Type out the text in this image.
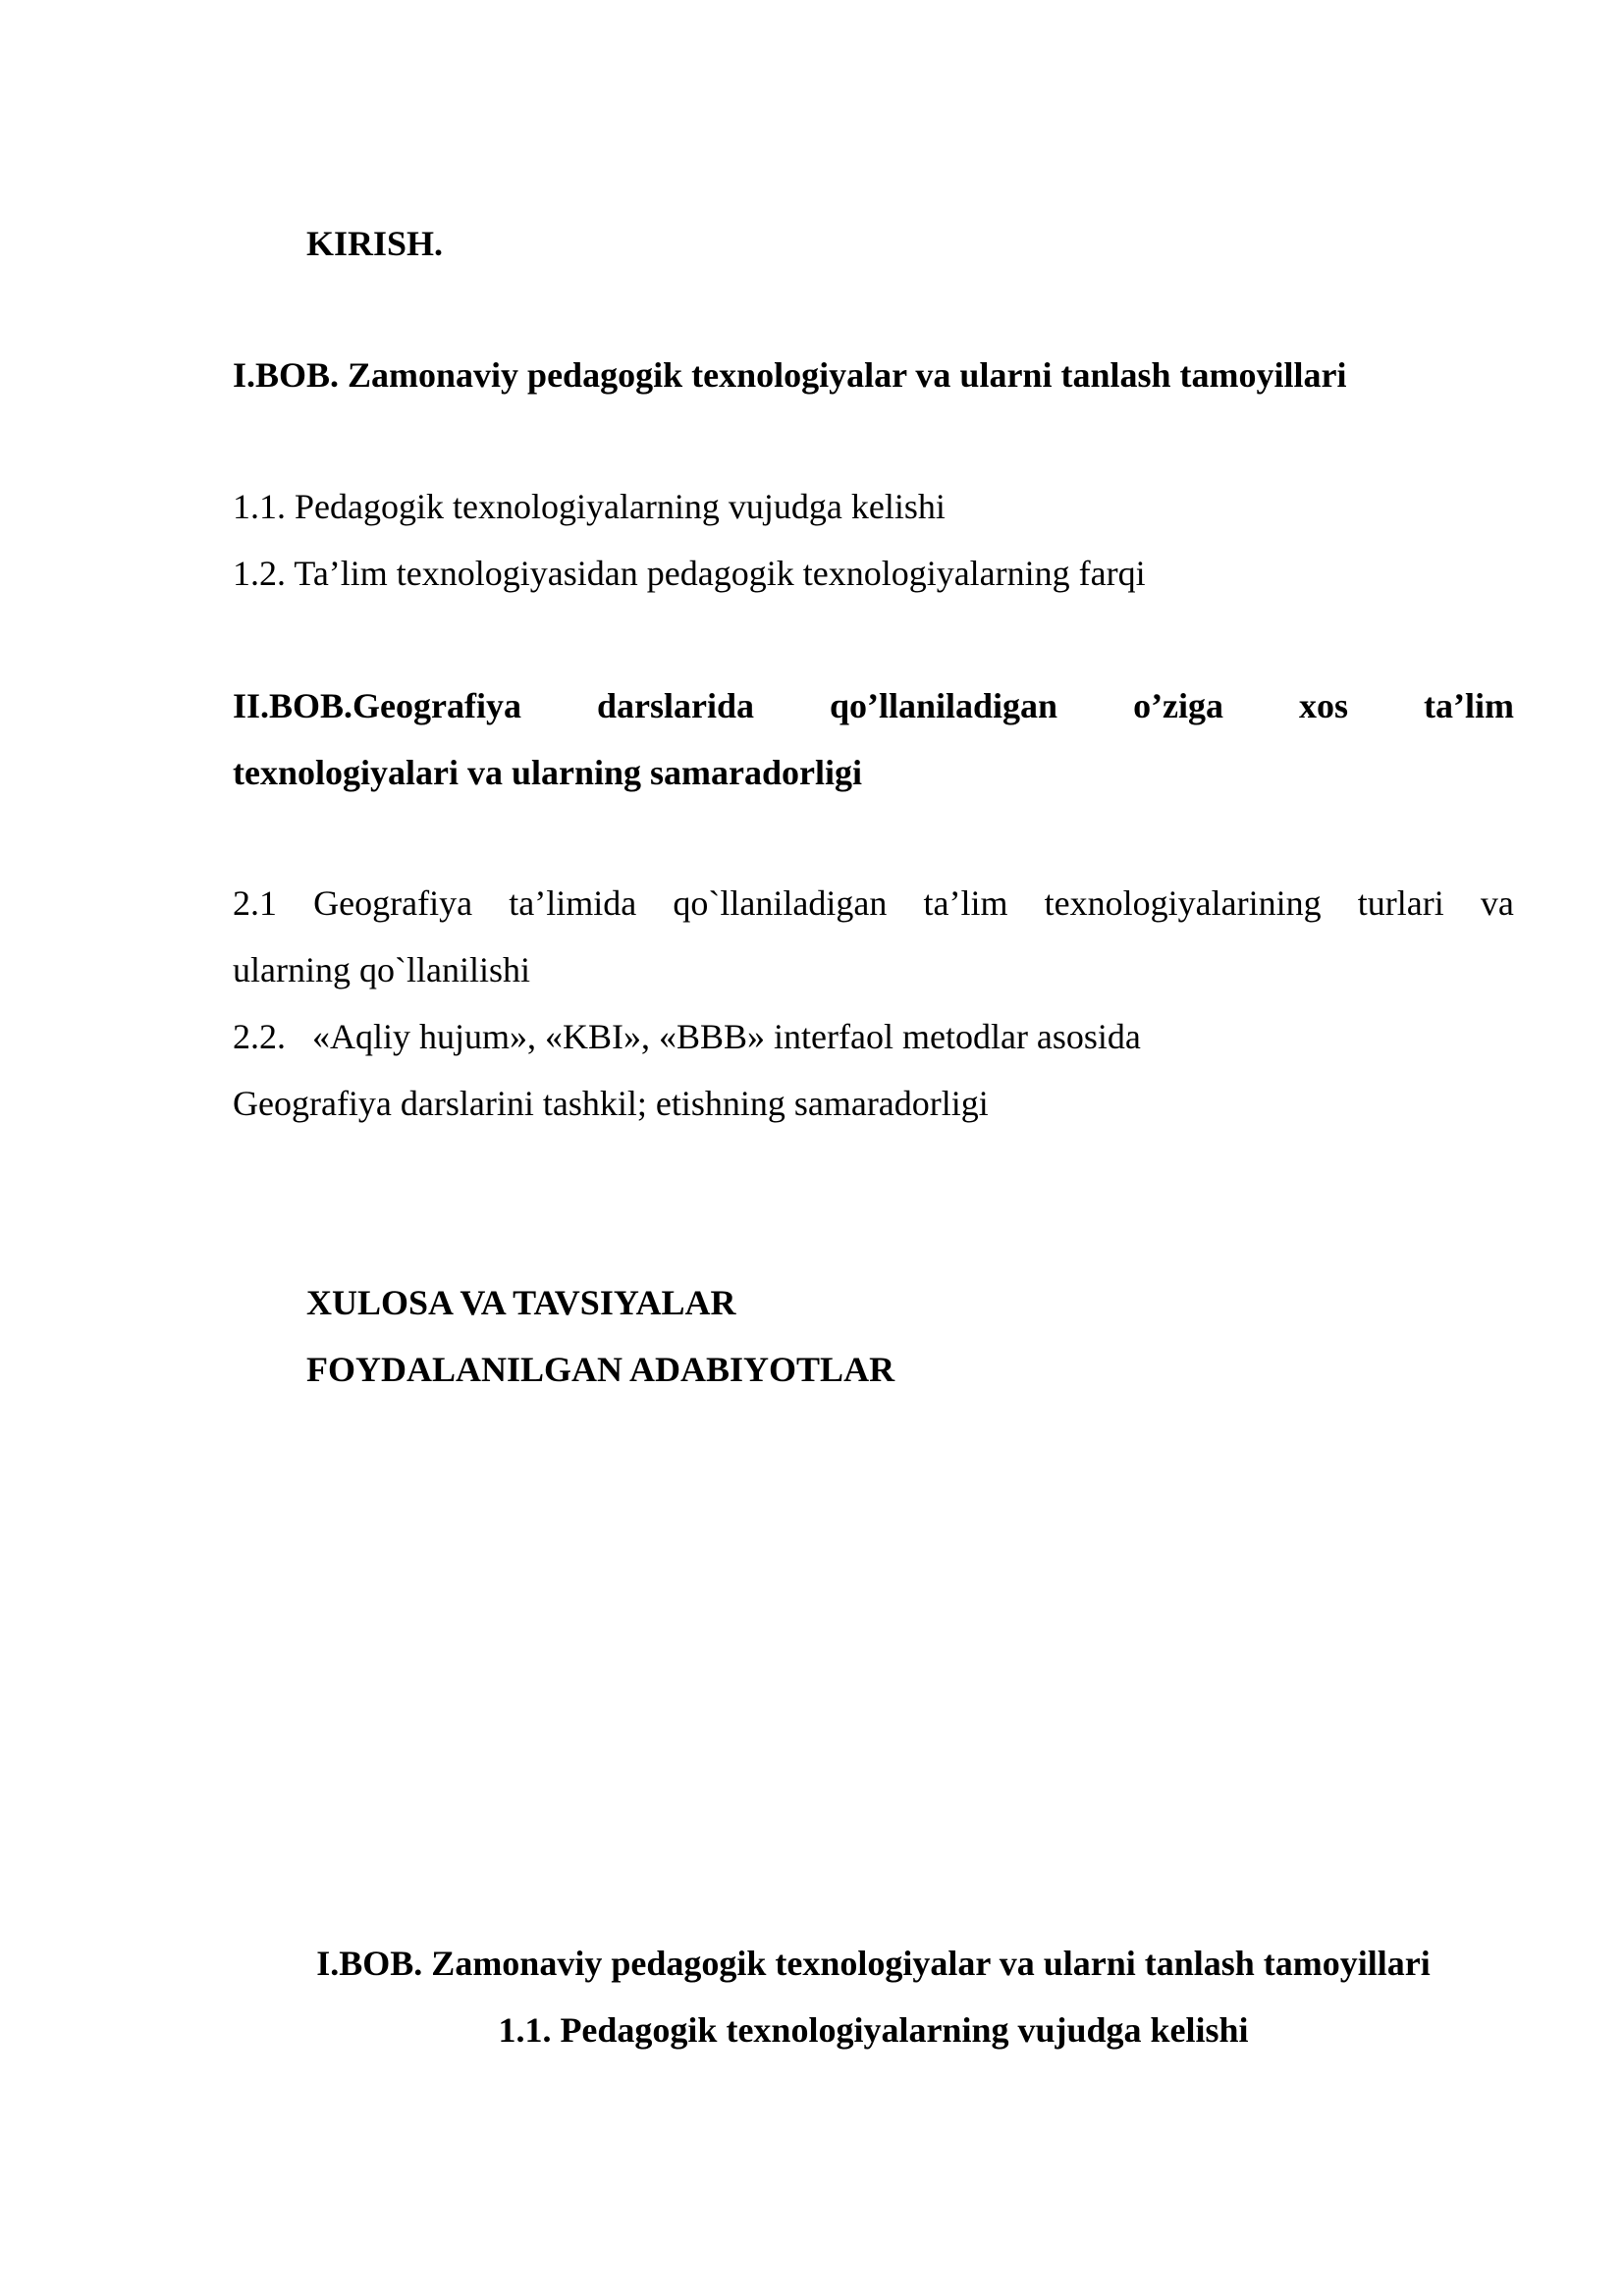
KIRISH.
I.BOB. Zamonaviy pedagogik texnologiyalar va ularni tanlash tamoyillari
1.1. Pedagogik texnologiyalarning vujudga kelishi
1.2. Ta’lim texnologiyasidan pedagogik texnologiyalarning farqi
II.BOB.Geografiya darslarida qo’llaniladigan o’ziga xos ta’lim
texnologiyalari va ularning samaradorligi
2.1 Geografiya ta’limida qo`llaniladigan ta’lim texnologiyalarining turlari va
ularning qo`llanilishi
2.2.   «Aqliy hujum», «KBI», «BBB» interfaol metodlar asosida
Geografiya darslarini tashkil; etishning samaradorligi
XULOSA VA TAVSIYALAR
FOYDALANILGAN ADABIYOTLAR
I.BOB. Zamonaviy pedagogik texnologiyalar va ularni tanlash tamoyillari
1.1. Pedagogik texnologiyalarning vujudga kelishi
